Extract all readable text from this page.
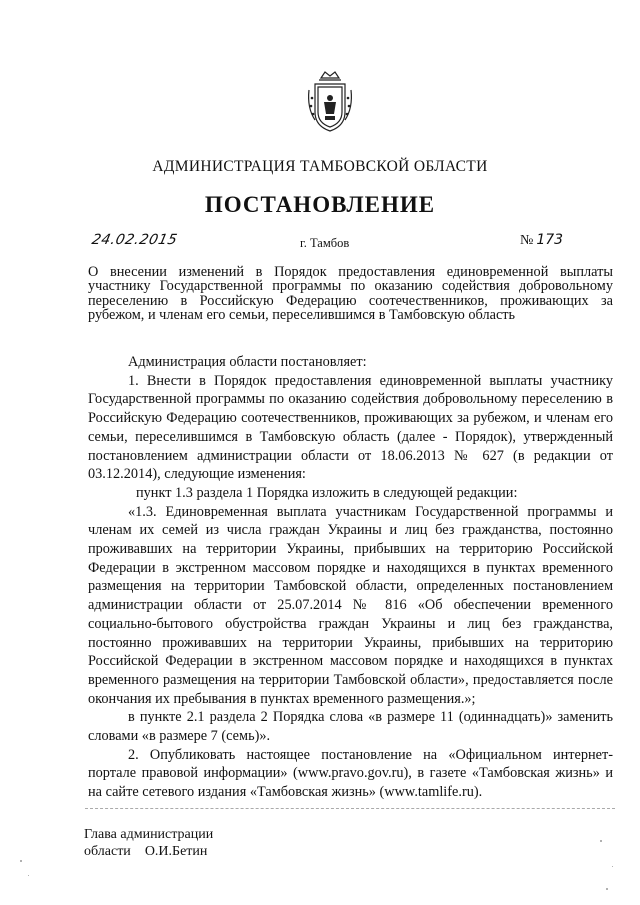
АДМИНИСТРАЦИЯ ТАМБОВСКОЙ ОБЛАСТИ
ПОСТАНОВЛЕНИЕ
24.02.2015	г. Тамбов	№ 173
О внесении изменений в Порядок предоставления единовременной выплаты участнику Государственной программы по оказанию содействия добровольному переселению в Российскую Федерацию соотечественников, проживающих за рубежом, и членам его семьи, переселившимся в Тамбовскую область

Администрация области постановляет:

1. Внести в Порядок предоставления единовременной выплаты участнику Государственной программы по оказанию содействия добровольному переселению в Российскую Федерацию соотечественников, проживающих за рубежом, и членам его семьи, переселившимся в Тамбовскую область (далее - Порядок), утвержденный постановлением администрации области от 18.06.2013 № 627 (в редакции от 03.12.2014), следующие изменения:

пункт 1.3 раздела 1 Порядка изложить в следующей редакции:

«1.3. Единовременная выплата участникам Государственной программы и членам их семей из числа граждан Украины и лиц без гражданства, постоянно проживавших на территории Украины, прибывших на территорию Российской Федерации в экстренном массовом порядке и находящихся в пунктах временного размещения на территории Тамбовской области, определенных постановлением администрации области от 25.07.2014 № 816 «Об обеспечении временного социально-бытового обустройства граждан Украины и лиц без гражданства, постоянно проживавших на территории Украины, прибывших на территорию Российской Федерации в экстренном массовом порядке и находящихся в пунктах временного размещения на территории Тамбовской области», предоставляется после окончания их пребывания в пунктах временного размещения.»;

в пункте 2.1 раздела 2 Порядка слова «в размере 11 (одиннадцать)» заменить словами «в размере 7 (семь)».

2. Опубликовать настоящее постановление на «Официальном интернет-портале правовой информации» (www.pravo.gov.ru), в газете «Тамбовская жизнь» и на сайте сетевого издания «Тамбовская жизнь» (www.tamlife.ru).

Глава администрации
области О.И.Бетин
